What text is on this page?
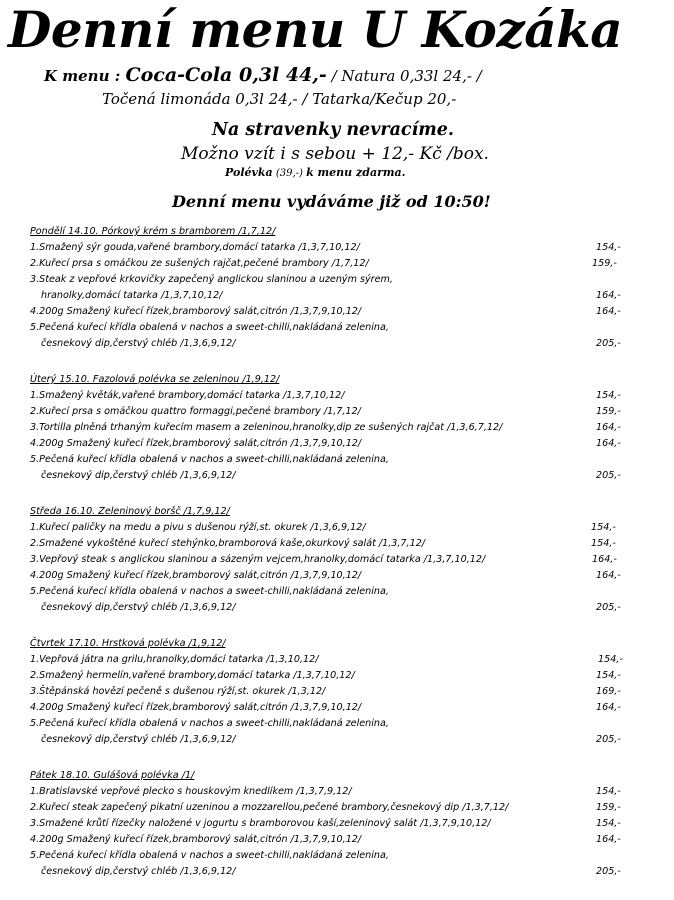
Denní menu U Kozáka
K menu : Coca-Cola 0,3l 44,- / Natura 0,33l 24,- /
Točená limonáda 0,3l 24,- / Tatarka/Kečup 20,-
Na stravenky nevracíme.
Možno vzít i s sebou + 12,- Kč /box.
Polévka (39,-) k menu zdarma.
Denní menu vydáváme již od 10:50!
Pondělí 14.10. Pórkový krém s bramborem /1,7,12/
1.Smažený sýr gouda,vařené brambory,domácí tatarka /1,3,7,10,12/	154,-
2.Kuřecí prsa s omáčkou ze sušených rajčat,pečené brambory /1,7,12/	159,-
3.Steak z vepřové krkovičky zapečený anglickou slaninou a uzeným sýrem,
hranolky,domácí tatarka /1,3,7,10,12/	164,-
4.200g Smažený kuřecí řízek,bramborový salát,citrón /1,3,7,9,10,12/	164,-
5.Pečená kuřecí křídla obalená v nachos a sweet-chilli,nakládaná zelenina,
česnekový dip,čerstvý chléb /1,3,6,9,12/	205,-
Úterý 15.10. Fazolová polévka se zeleninou /1,9,12/
1.Smažený květák,vařené brambory,domácí tatarka /1,3,7,10,12/	154,-
2.Kuřecí prsa s omáčkou quattro formaggi,pečené brambory /1,7,12/	159,-
3.Tortilla plněná trhaným kuřecím masem a zeleninou,hranolky,dip ze sušených rajčat /1,3,6,7,12/	164,-
4.200g Smažený kuřecí řízek,bramborový salát,citrón /1,3,7,9,10,12/	164,-
5.Pečená kuřecí křídla obalená v nachos a sweet-chilli,nakládaná zelenina,
česnekový dip,čerstvý chléb /1,3,6,9,12/	205,-
Středa 16.10. Zeleninový boršč /1,7,9,12/
1.Kuřecí paličky na medu a pivu s dušenou rýží,st. okurek /1,3,6,9,12/	154,-
2.Smažené vykoštěné kuřecí stehýnko,bramborová kaše,okurkový salát /1,3,7,12/	154,-
3.Vepřový steak s anglickou slaninou a sázeným vejcem,hranolky,domácí tatarka /1,3,7,10,12/	164,-
4.200g Smažený kuřecí řízek,bramborový salát,citrón /1,3,7,9,10,12/	164,-
5.Pečená kuřecí křídla obalená v nachos a sweet-chilli,nakládaná zelenina,
česnekový dip,čerstvý chléb /1,3,6,9,12/	205,-
Čtvrtek 17.10. Hrstková polévka /1,9,12/
1.Vepřová játra na grilu,hranolky,domácí tatarka /1,3,10,12/	154,-
2.Smažený hermelín,vařené brambory,domácí tatarka /1,3,7,10,12/	154,-
3.Štěpánská hovězí pečeně s dušenou rýží,st. okurek /1,3,12/	169,-
4.200g Smažený kuřecí řízek,bramborový salát,citrón /1,3,7,9,10,12/	164,-
5.Pečená kuřecí křídla obalená v nachos a sweet-chilli,nakládaná zelenina,
česnekový dip,čerstvý chléb /1,3,6,9,12/	205,-
Pátek 18.10. Gulášová polévka /1/
1.Bratislavské vepřové plecko s houskovým knedlíkem /1,3,7,9,12/	154,-
2.Kuřecí steak zapečený pikatní uzeninou a mozzarellou,pečené brambory,česnekový dip /1,3,7,12/	159,-
3.Smažené krůtí řízečky naložené v jogurtu s bramborovou kaší,zeleninový salát /1,3,7,9,10,12/	154,-
4.200g Smažený kuřecí řízek,bramborový salát,citrón /1,3,7,9,10,12/	164,-
5.Pečená kuřecí křídla obalená v nachos a sweet-chilli,nakládaná zelenina,
česnekový dip,čerstvý chléb /1,3,6,9,12/	205,-
